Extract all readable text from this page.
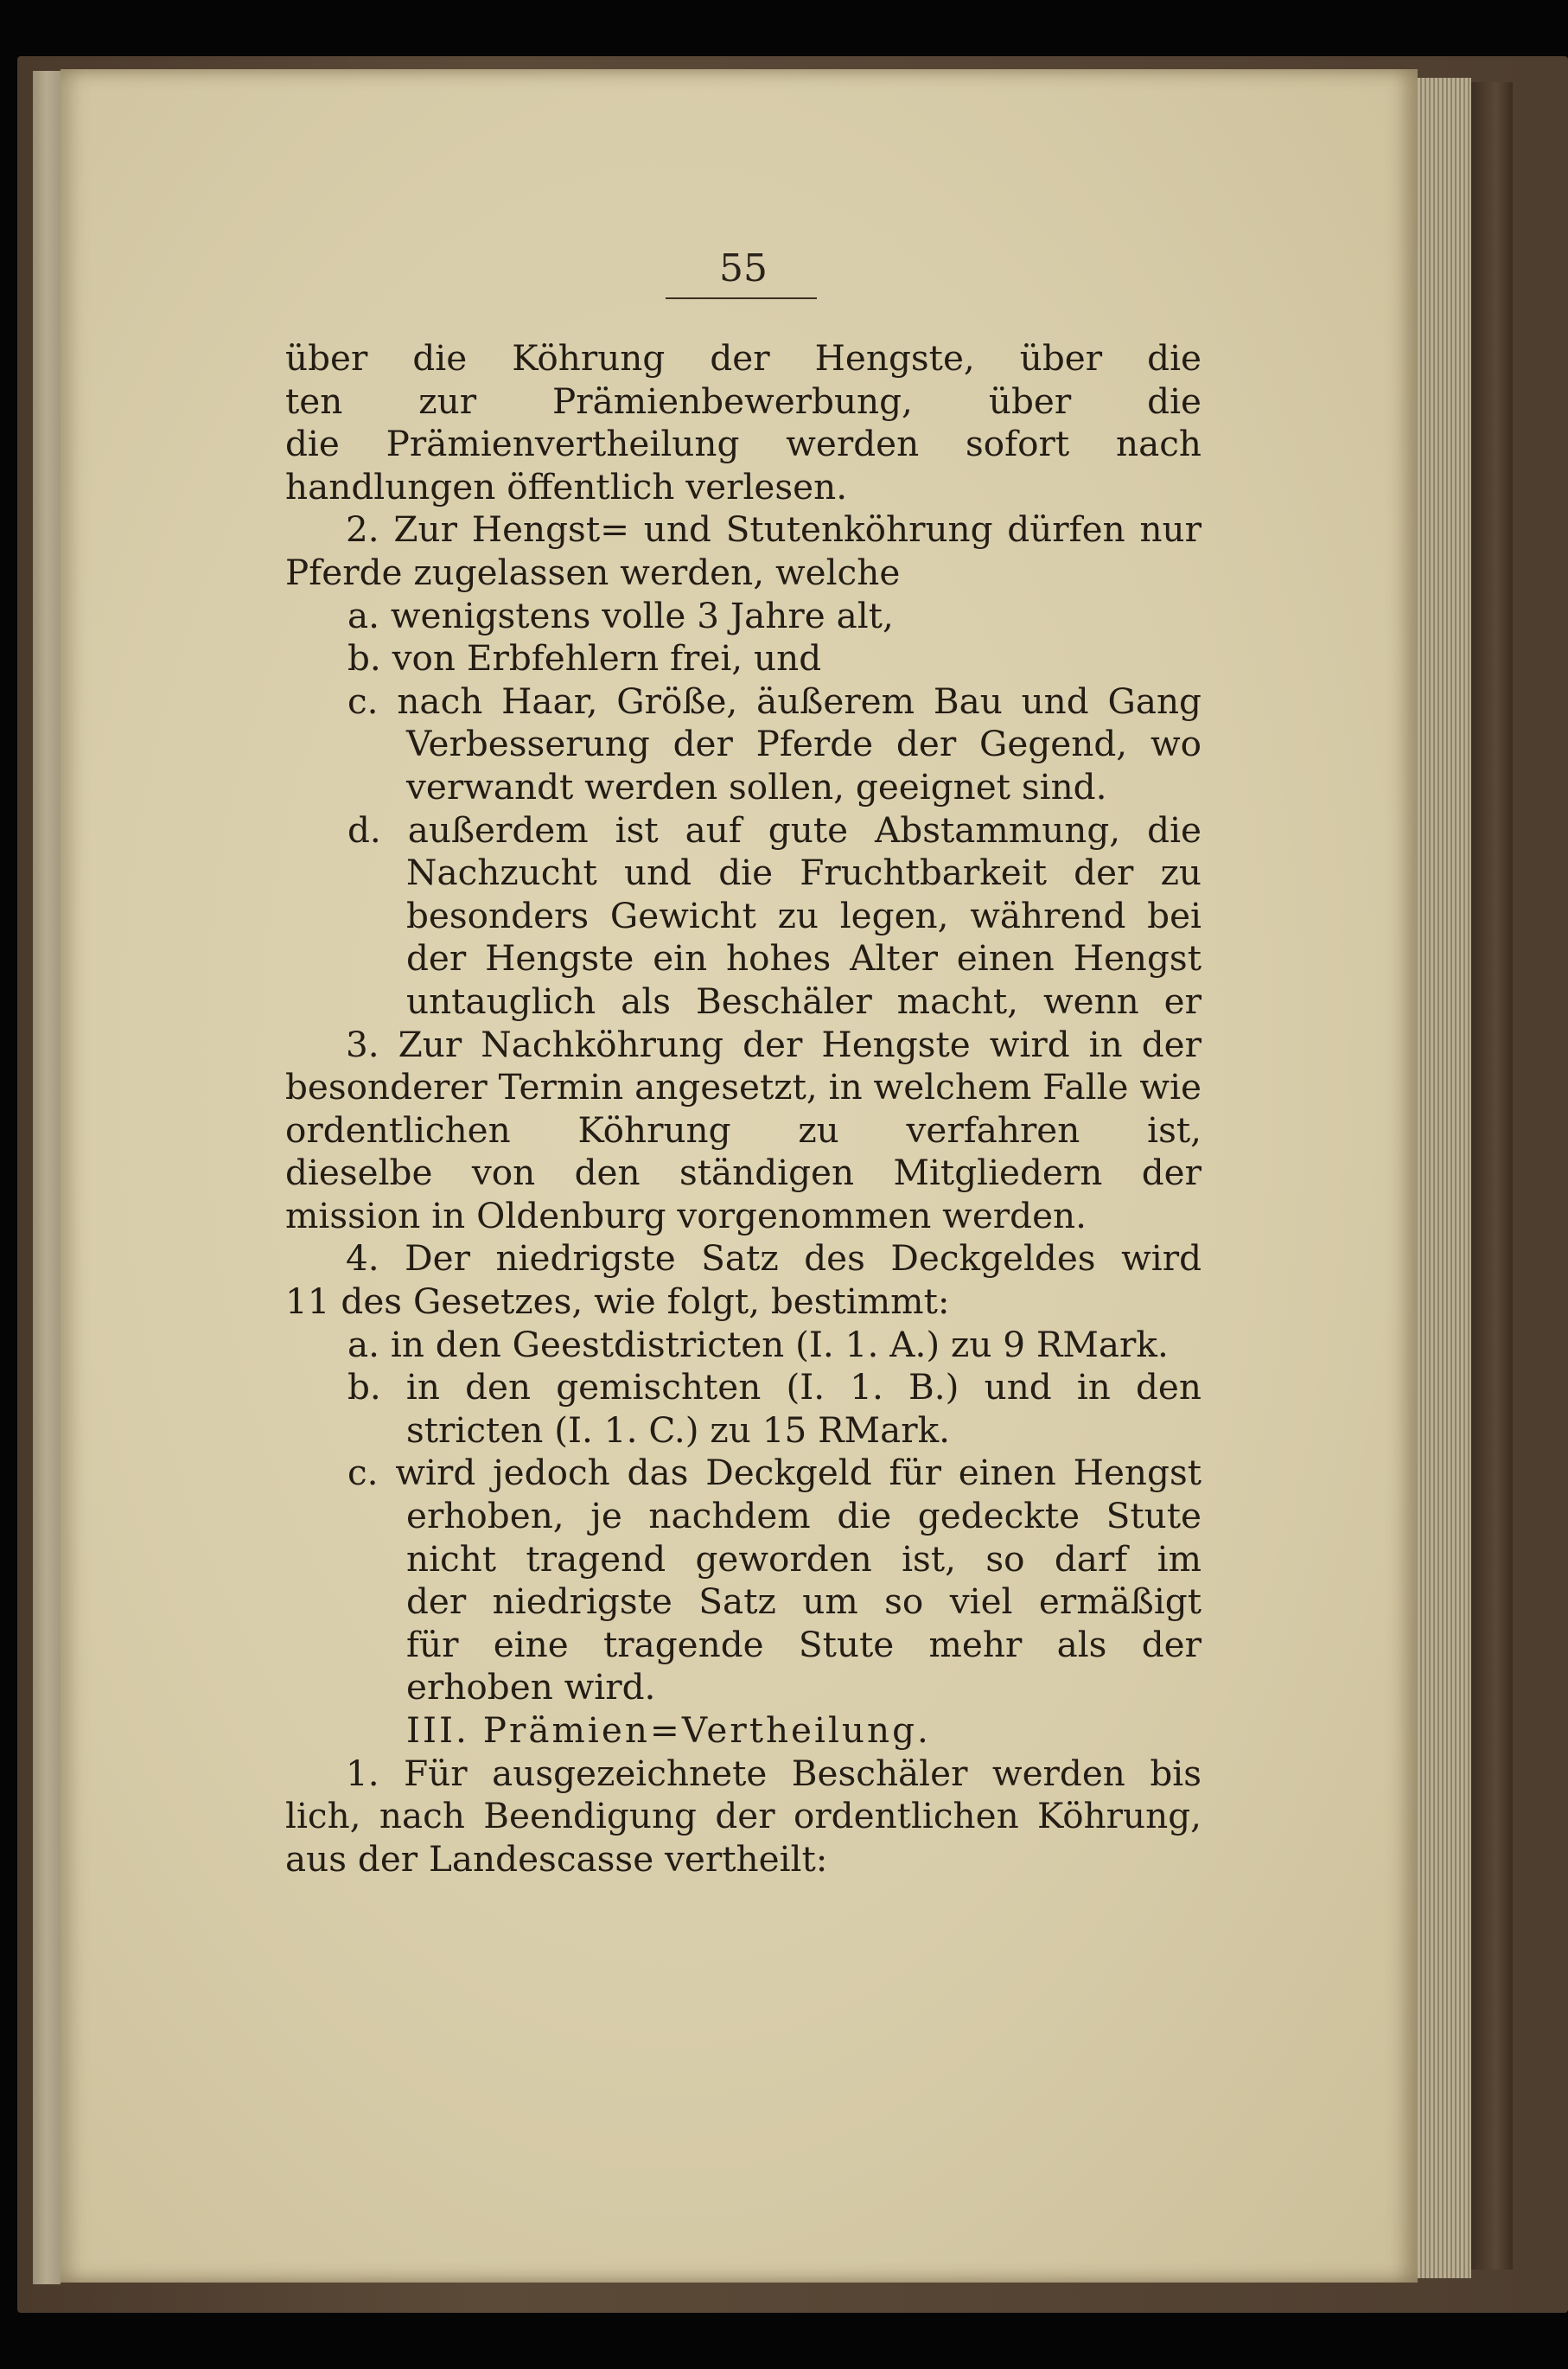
55
über die Köhrung der Hengste, über die
ten zur Prämienbewerbung, über die
die Prämienvertheilung werden sofort nach
handlungen öffentlich verlesen.
2. Zur Hengst= und Stutenköhrung dürfen nur
Pferde zugelassen werden, welche
a. wenigstens volle 3 Jahre alt,
b. von Erbfehlern frei, und
c. nach Haar, Größe, äußerem Bau und Gang
Verbesserung der Pferde der Gegend, wo
verwandt werden sollen, geeignet sind.
d. außerdem ist auf gute Abstammung, die
Nachzucht und die Fruchtbarkeit der zu
besonders Gewicht zu legen, während bei
der Hengste ein hohes Alter einen Hengst
untauglich als Beschäler macht, wenn er
3. Zur Nachköhrung der Hengste wird in der
besonderer Termin angesetzt, in welchem Falle wie
ordentlichen Köhrung zu verfahren ist,
dieselbe von den ständigen Mitgliedern der
mission in Oldenburg vorgenommen werden.
4. Der niedrigste Satz des Deckgeldes wird
11 des Gesetzes, wie folgt, bestimmt:
a. in den Geestdistricten (I. 1. A.) zu 9 RMark.
b. in den gemischten (I. 1. B.) und in den
stricten (I. 1. C.) zu 15 RMark.
c. wird jedoch das Deckgeld für einen Hengst
erhoben, je nachdem die gedeckte Stute
nicht tragend geworden ist, so darf im
der niedrigste Satz um so viel ermäßigt
für eine tragende Stute mehr als der
erhoben wird.
III. Prämien=Vertheilung.
1. Für ausgezeichnete Beschäler werden bis
lich, nach Beendigung der ordentlichen Köhrung,
aus der Landescasse vertheilt:
